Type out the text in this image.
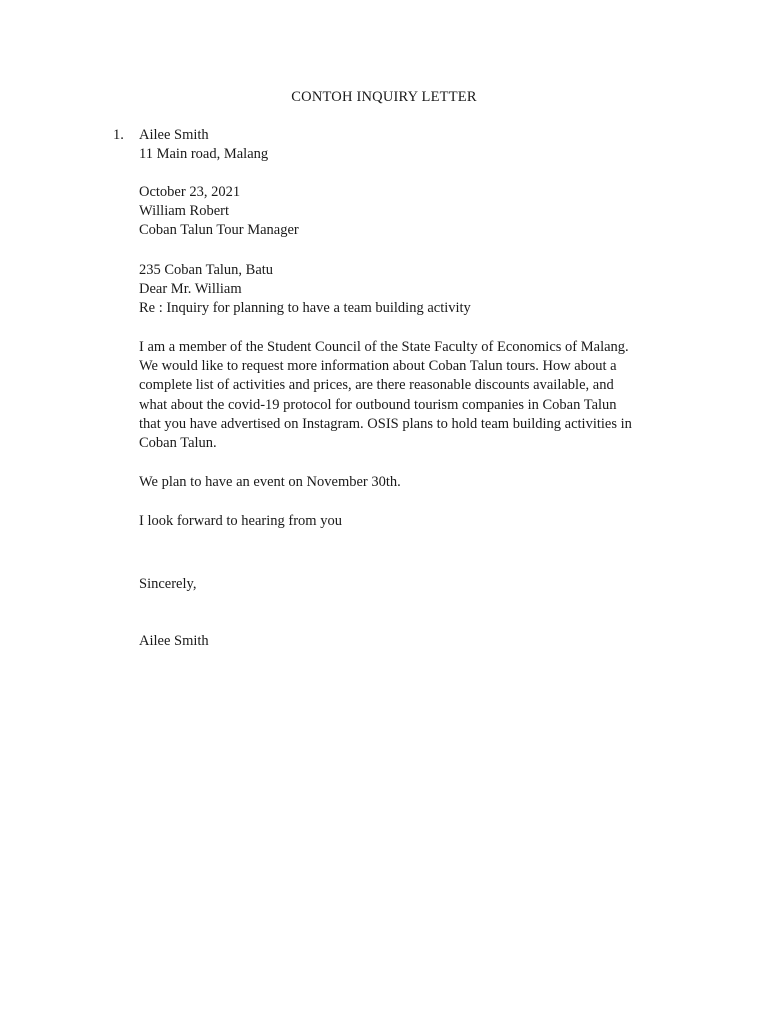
CONTOH INQUIRY LETTER
1. Ailee Smith
11 Main road, Malang
October 23, 2021
William Robert
Coban Talun Tour Manager
235 Coban Talun, Batu
Dear Mr. William
Re : Inquiry for planning to have a team building activity
I am a member of the Student Council of the State Faculty of Economics of Malang.
We would like to request more information about Coban Talun tours. How about a
complete list of activities and prices, are there reasonable discounts available, and
what about the covid-19 protocol for outbound tourism companies in Coban Talun
that you have advertised on Instagram. OSIS plans to hold team building activities in
Coban Talun.
We plan to have an event on November 30th.
I look forward to hearing from you
Sincerely,
Ailee Smith
